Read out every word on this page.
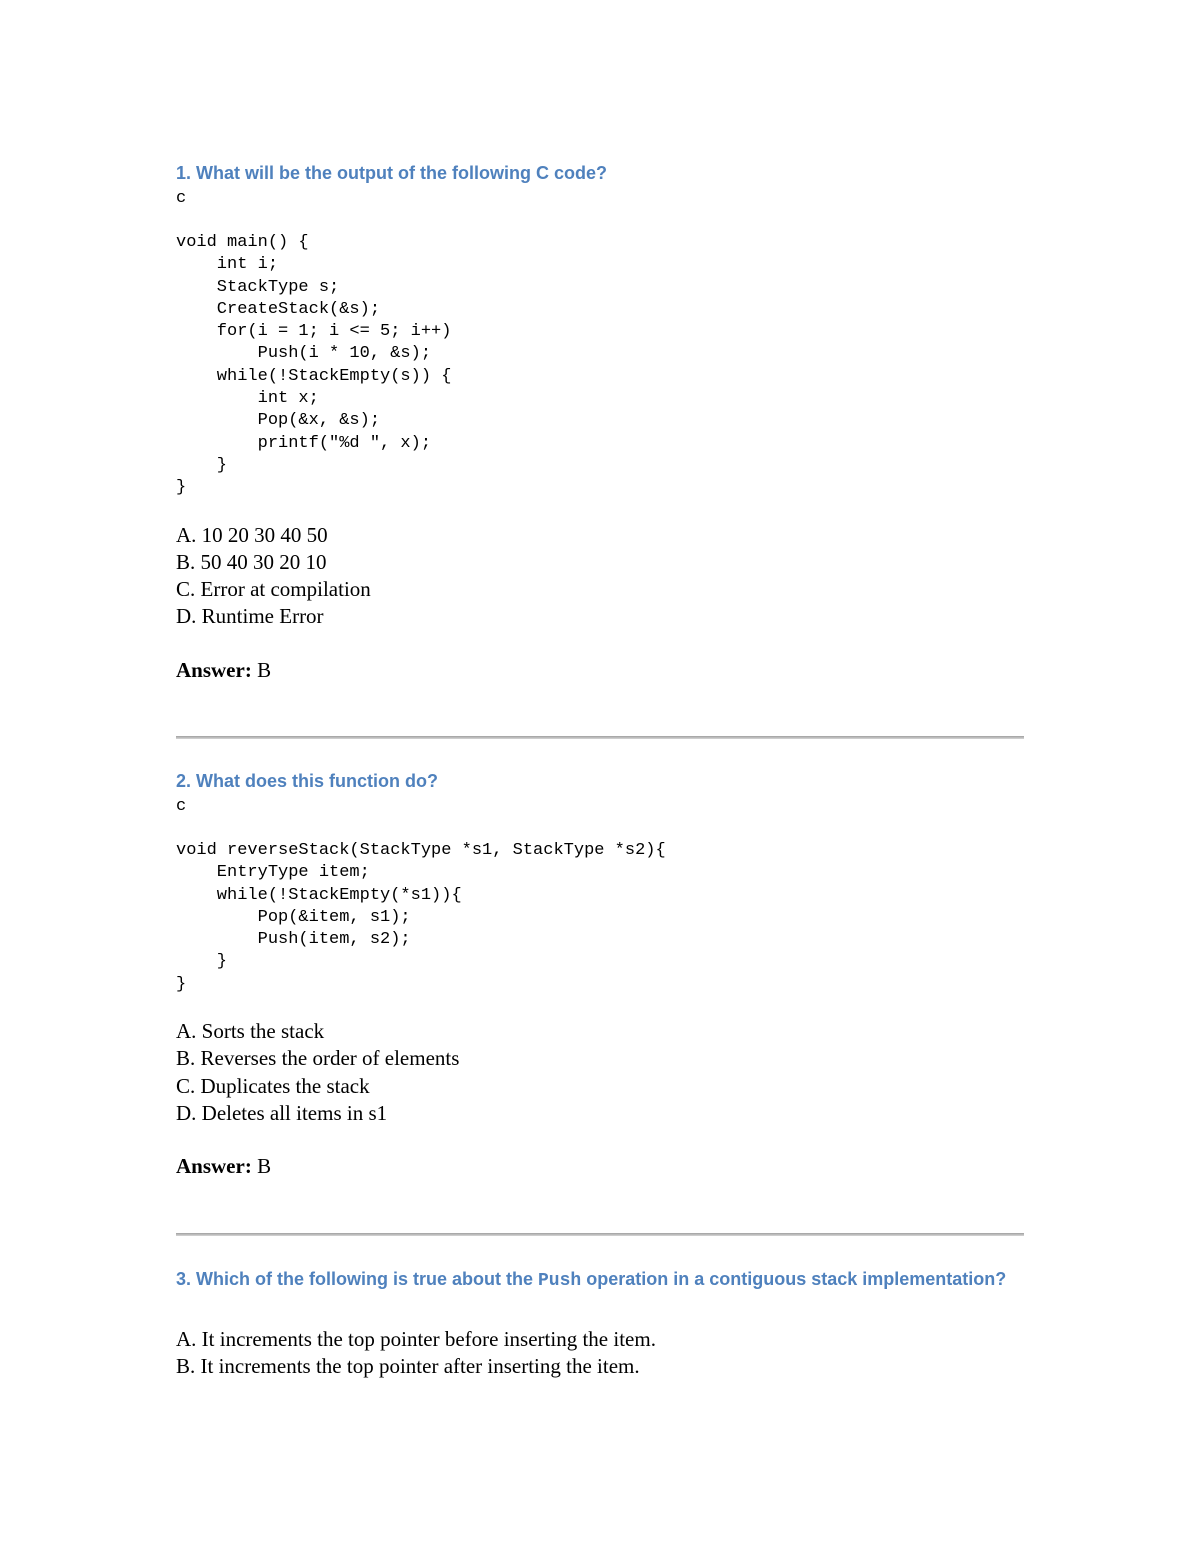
1. What will be the output of the following C code?
c
void main() {
int i;
StackType s;
CreateStack(&s);
for(i = 1; i <= 5; i++)
Push(i * 10, &s);
while(!StackEmpty(s)) {
int x;
Pop(&x, &s);
printf("%d ", x);
}
}
A. 10 20 30 40 50
B. 50 40 30 20 10
C. Error at compilation
D. Runtime Error

Answer: B

2. What does this function do?
c
void reverseStack(StackType *s1, StackType *s2){
EntryType item;
while(!StackEmpty(*s1)){
Pop(&item, s1);
Push(item, s2);
}
}
A. Sorts the stack
B. Reverses the order of elements
C. Duplicates the stack
D. Deletes all items in s1

Answer: B

3. Which of the following is true about the Push operation in a contiguous stack implementation?
A. It increments the top pointer before inserting the item.
B. It increments the top pointer after inserting the item.
